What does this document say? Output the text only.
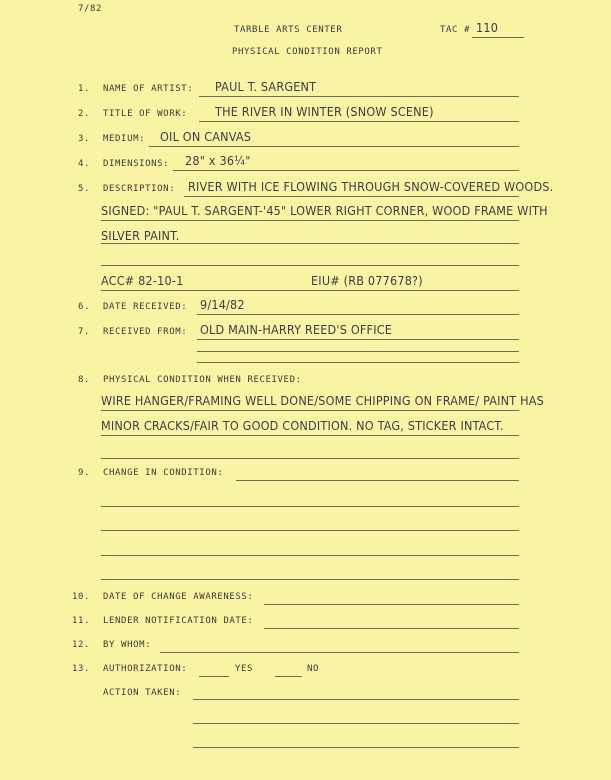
7/82
TARBLE ARTS CENTER	TAC # 110
PHYSICAL CONDITION REPORT
1. NAME OF ARTIST: PAUL T. SARGENT
2. TITLE OF WORK: THE RIVER IN WINTER (SNOW SCENE)
3. MEDIUM: OIL ON CANVAS
4. DIMENSIONS: 28" x 36¼"
5. DESCRIPTION: RIVER WITH ICE FLOWING THROUGH SNOW-COVERED WOODS.
SIGNED: "PAUL T. SARGENT-'45" LOWER RIGHT CORNER, WOOD FRAME WITH
SILVER PAINT.
ACC# 82-10-1	EIU# (RB 077678?)
6. DATE RECEIVED: 9/14/82
7. RECEIVED FROM: OLD MAIN-HARRY REED'S OFFICE
8. PHYSICAL CONDITION WHEN RECEIVED:
WIRE HANGER/FRAMING WELL DONE/SOME CHIPPING ON FRAME/ PAINT HAS
MINOR CRACKS/FAIR TO GOOD CONDITION. NO TAG, STICKER INTACT.
9. CHANGE IN CONDITION:
10. DATE OF CHANGE AWARENESS:
11. LENDER NOTIFICATION DATE:
12. BY WHOM:
13. AUTHORIZATION:	YES	NO
ACTION TAKEN:
